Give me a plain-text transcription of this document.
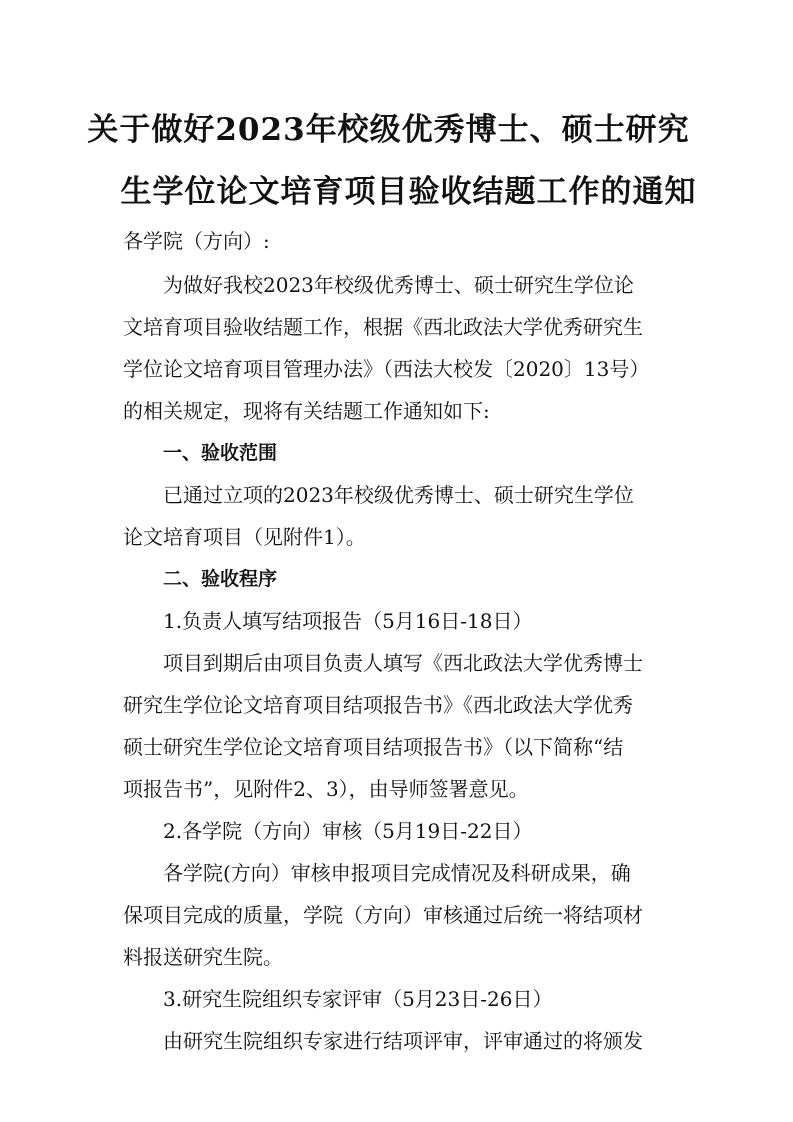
关于做好2023年校级优秀博士、硕士研究
生学位论文培育项目验收结题工作的通知
各学院（方向）:
为做好我校2023年校级优秀博士、硕士研究生学位论
文培育项目验收结题工作，根据《西北政法大学优秀研究生
学位论文培育项目管理办法》（西法大校发〔2020〕13号）
的相关规定，现将有关结题工作通知如下:
一、验收范围
已通过立项的2023年校级优秀博士、硕士研究生学位
论文培育项目（见附件1）。
二、验收程序
1.负责人填写结项报告（5月16日-18日）
项目到期后由项目负责人填写《西北政法大学优秀博士
研究生学位论文培育项目结项报告书》《西北政法大学优秀
硕士研究生学位论文培育项目结项报告书》（以下简称“结
项报告书”，见附件2、3），由导师签署意见。
2.各学院（方向）审核（5月19日-22日）
各学院(方向）审核申报项目完成情况及科研成果，确
保项目完成的质量，学院（方向）审核通过后统一将结项材
料报送研究生院。
3.研究生院组织专家评审（5月23日-26日）
由研究生院组织专家进行结项评审，评审通过的将颁发
